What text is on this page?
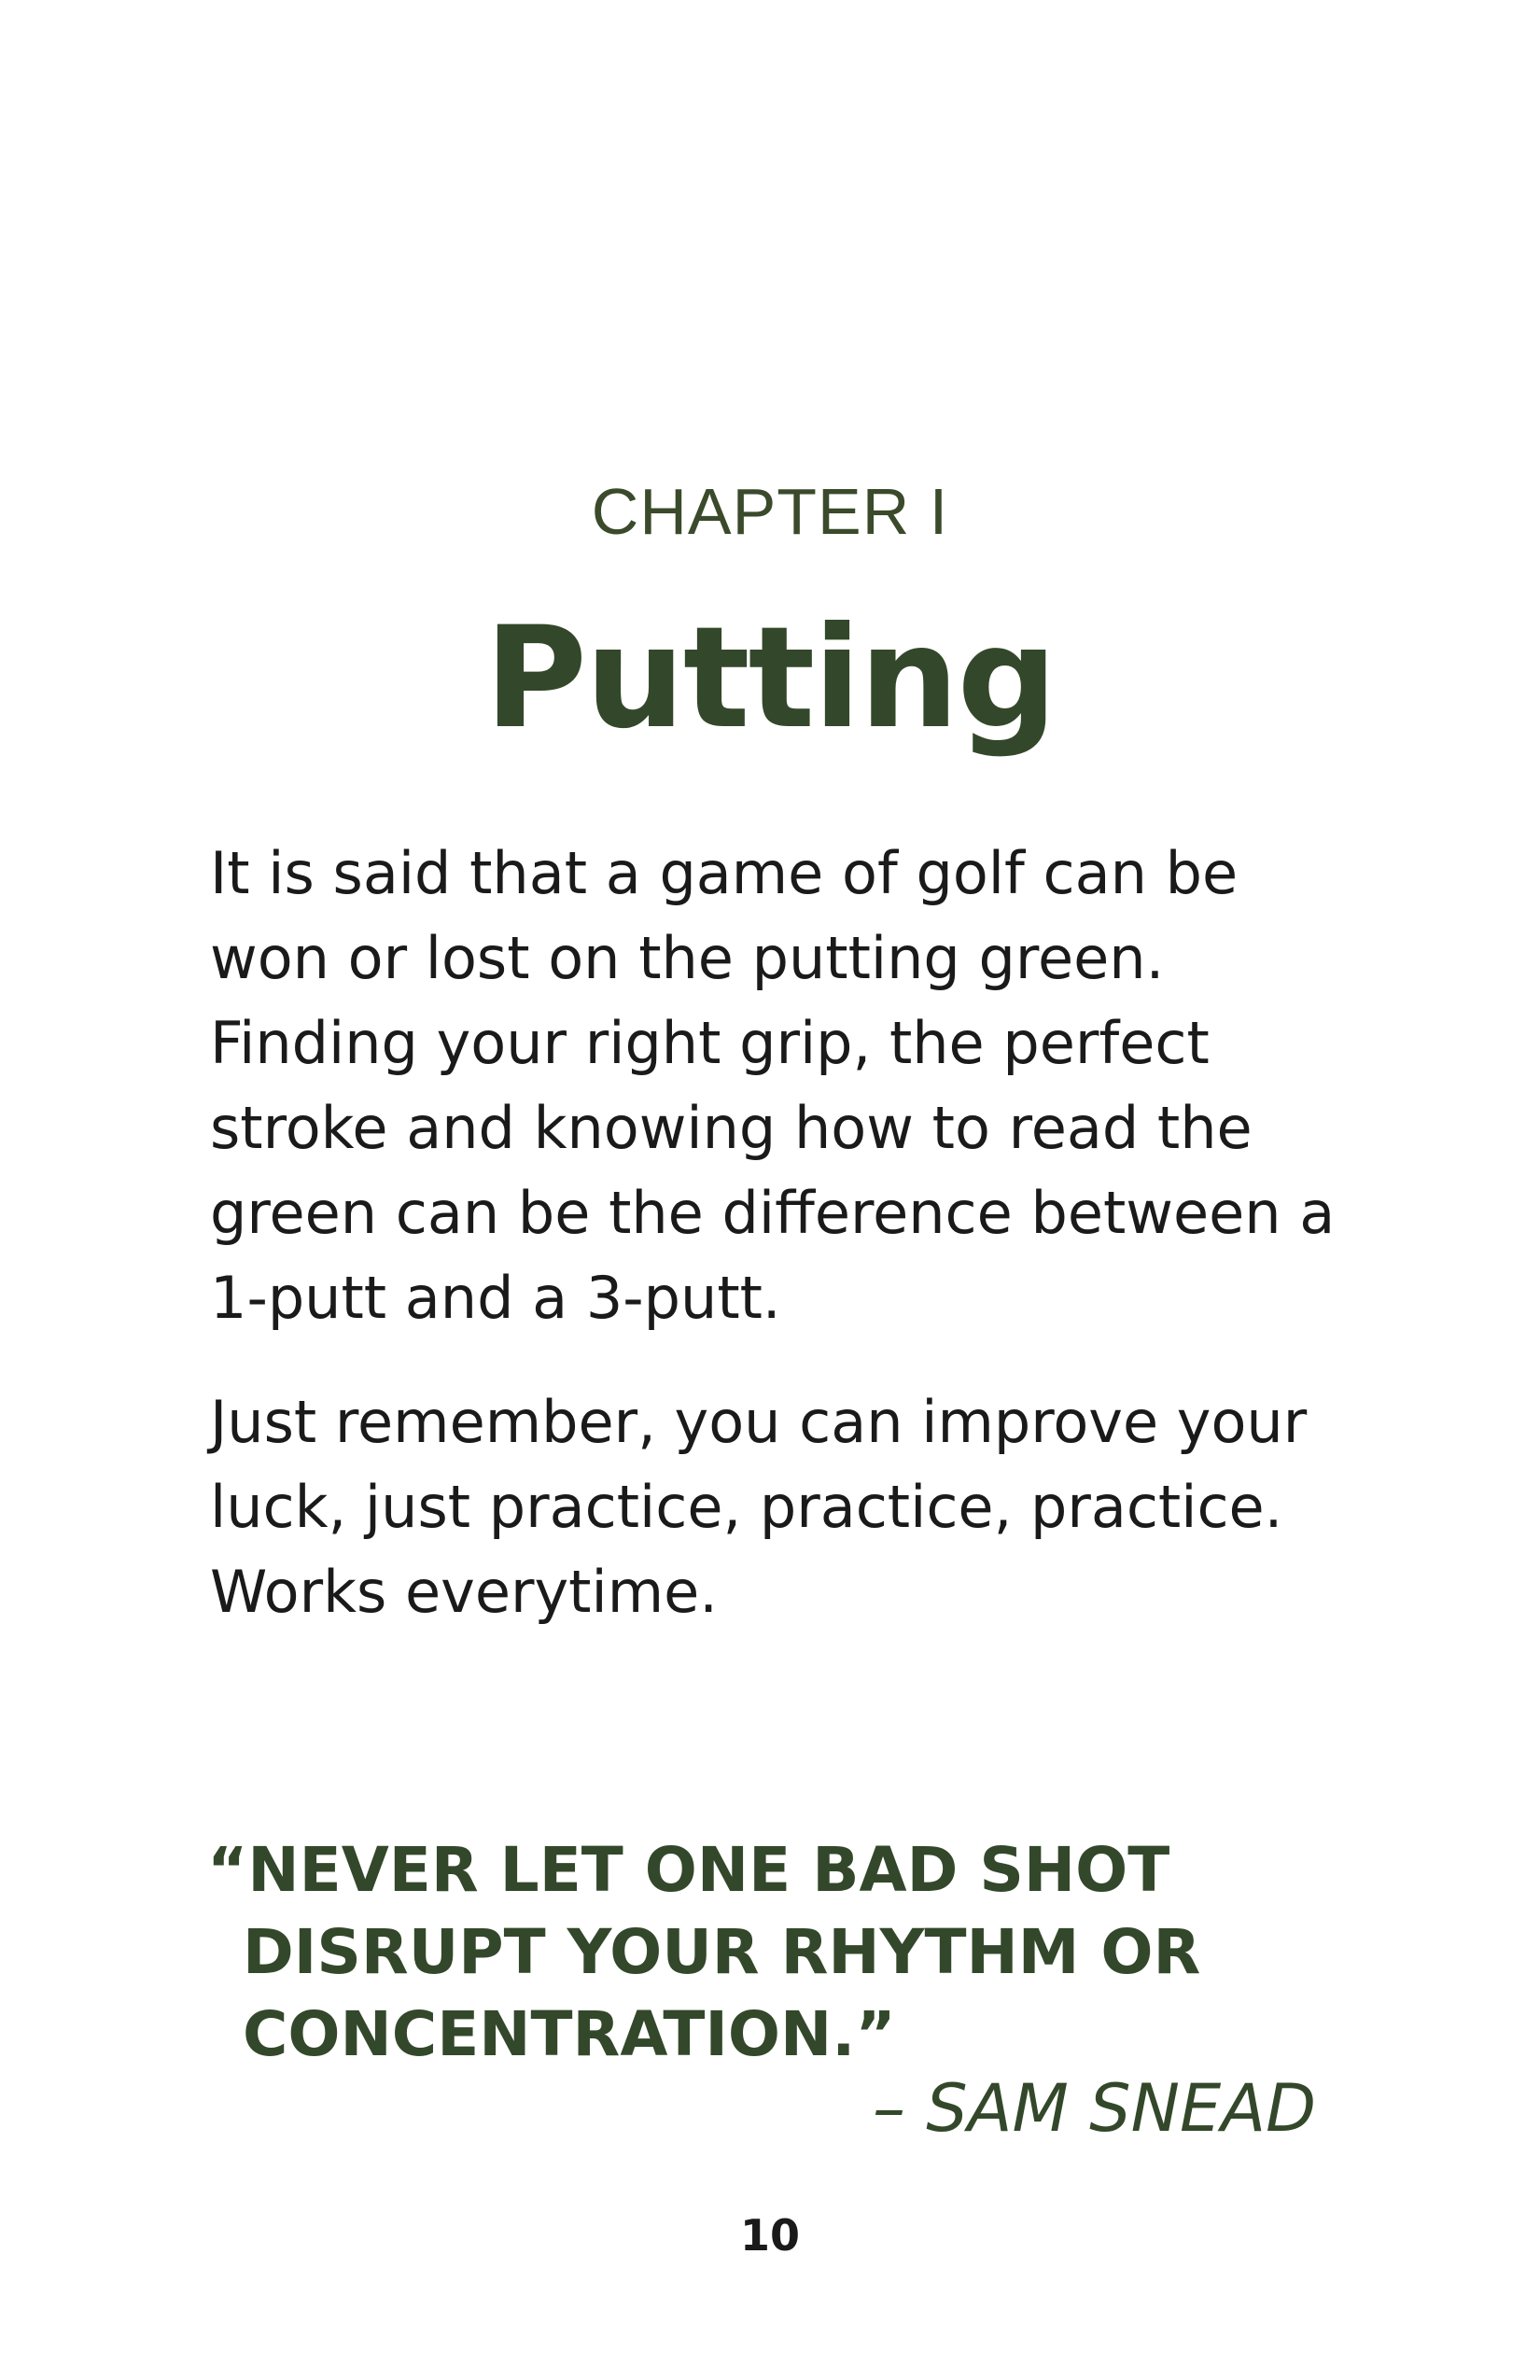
CHAPTER I
Putting

It is said that a game of golf can be won or lost on the putting green. Finding your right grip, the perfect stroke and knowing how to read the green can be the difference between a 1-putt and a 3-putt.

Just remember, you can improve your luck, just practice, practice, practice. Works everytime.

“NEVER LET ONE BAD SHOT DISRUPT YOUR RHYTHM OR CONCENTRATION.”
– SAM SNEAD
10
